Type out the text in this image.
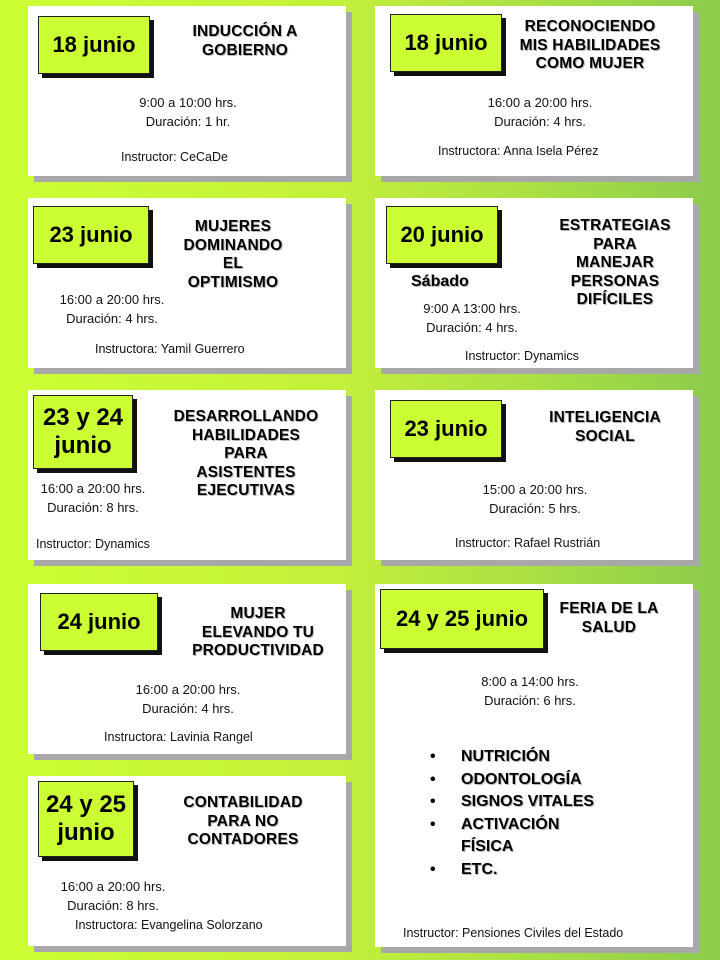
18 junio
INDUCCIÓN A
GOBIERNO
9:00 a 10:00 hrs.
Duración: 1 hr.
Instructor: CeCaDe
18 junio
RECONOCIENDO
MIS HABILIDADES
COMO MUJER
16:00 a 20:00 hrs.
Duración: 4 hrs.
Instructora: Anna Isela Pérez
23 junio	MUJERES
DOMINANDO
EL
OPTIMISMO
16:00 a 20:00 hrs.
Duración: 4 hrs.
Instructora: Yamil Guerrero
20 junio
Sábado
ESTRATEGIAS
PARA
MANEJAR
PERSONAS
DIFÍCILES
9:00 A 13:00 hrs.
Duración: 4 hrs.
Instructor: Dynamics
23 y 24
junio
DESARROLLANDO
HABILIDADES
PARA
ASISTENTES
EJECUTIVAS
16:00 a 20:00 hrs.
Duración: 8 hrs.
Instructor: Dynamics
23 junio	INTELIGENCIA
SOCIAL
15:00 a 20:00 hrs.
Duración: 5 hrs.
Instructor: Rafael Rustrián
24 junio	MUJER
ELEVANDO TU
PRODUCTIVIDAD
16:00 a 20:00 hrs.
Duración: 4 hrs.
Instructora: Lavinia Rangel
24 y 25 junio	FERIA DE LA
SALUD
8:00 a 14:00 hrs.
Duración: 6 hrs.
• NUTRICIÓN
• ODONTOLOGÍA
• SIGNOS VITALES
• ACTIVACIÓN
FÍSICA
• ETC.
Instructor: Pensiones Civiles del Estado
24 y 25
junio
CONTABILIDAD
PARA NO
CONTADORES
16:00 a 20:00 hrs.
Duración: 8 hrs.
Instructora: Evangelina Solorzano
